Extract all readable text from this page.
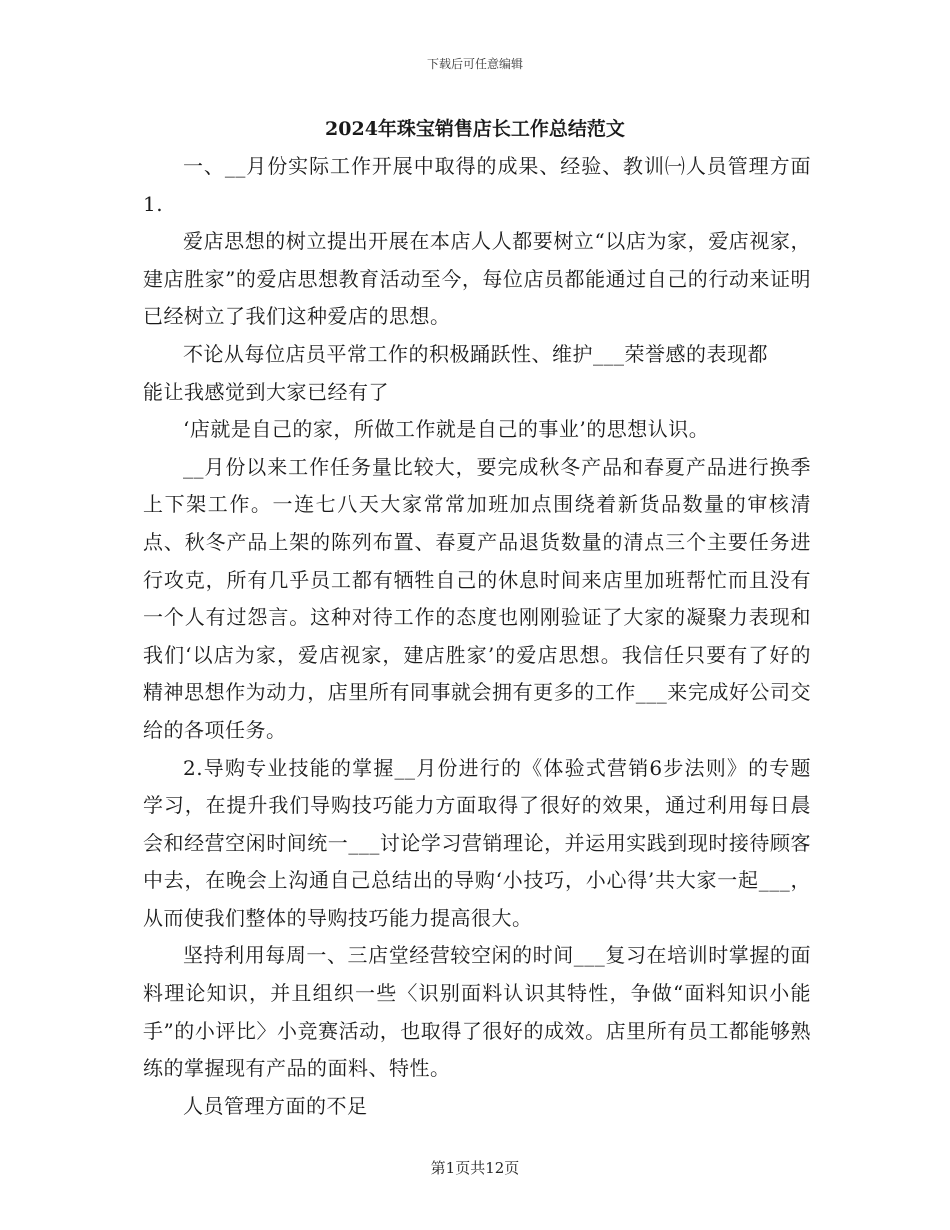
下载后可任意编辑
2024年珠宝销售店长工作总结范文

一、__月份实际工作开展中取得的成果、经验、教训㈠人员管理方面1.

爱店思想的树立提出开展在本店人人都要树立“以店为家，爱店视家，建店胜家”的爱店思想教育活动至今，每位店员都能通过自己的行动来证明已经树立了我们这种爱店的思想。

不论从每位店员平常工作的积极踊跃性、维护___荣誉感的表现都

能让我感觉到大家已经有了

‘店就是自己的家，所做工作就是自己的事业’的思想认识。

__月份以来工作任务量比较大，要完成秋冬产品和春夏产品进行换季上下架工作。一连七八天大家常常加班加点围绕着新货品数量的审核清点、秋冬产品上架的陈列布置、春夏产品退货数量的清点三个主要任务进行攻克，所有几乎员工都有牺牲自己的休息时间来店里加班帮忙而且没有一个人有过怨言。这种对待工作的态度也刚刚验证了大家的凝聚力表现和我们‘以店为家，爱店视家，建店胜家’的爱店思想。我信任只要有了好的精神思想作为动力，店里所有同事就会拥有更多的工作___来完成好公司交给的各项任务。

2.导购专业技能的掌握__月份进行的《体验式营销6步法则》的专题学习，在提升我们导购技巧能力方面取得了很好的效果，通过利用每日晨会和经营空闲时间统一___讨论学习营销理论，并运用实践到现时接待顾客中去，在晚会上沟通自己总结出的导购‘小技巧，小心得’共大家一起___，从而使我们整体的导购技巧能力提高很大。

坚持利用每周一、三店堂经营较空闲的时间___复习在培训时掌握的面料理论知识，并且组织一些〈识别面料认识其特性，争做“面料知识小能手”的小评比〉小竞赛活动，也取得了很好的成效。店里所有员工都能够熟练的掌握现有产品的面料、特性。

人员管理方面的不足

第1页共12页
